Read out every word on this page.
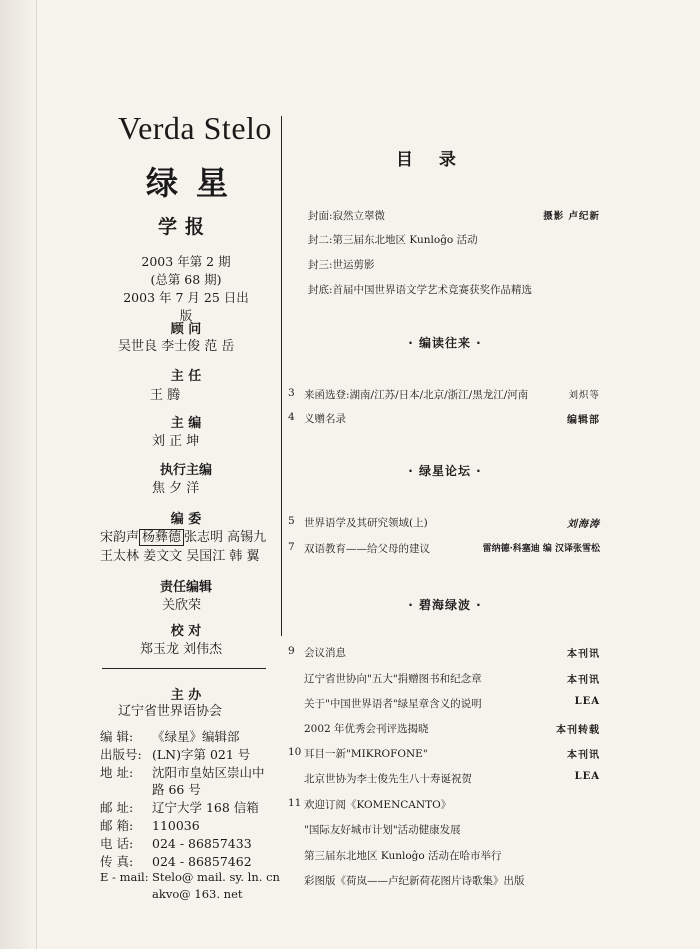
Verda Stelo
绿星
学报
2003 年第 2 期
(总第 68 期)
2003 年 7 月 25 日出版
顾 问
吴世良 李士俊 范 岳
主 任
王 腾
主 编
刘 正 坤
执行主编
焦 夕 洋
编 委
宋韵声 杨彝德 张志明 高锡九
王太林 姜文文 吴国江 韩 翼
责任编辑
关欣荣
校 对
郑玉龙 刘伟杰
主 办
辽宁省世界语协会
编 辑: 《绿星》编辑部
出版号: (LN)字第 021 号
地 址: 沈阳市皇姑区崇山中
路 66 号
邮 址: 辽宁大学 168 信箱
邮 箱: 110036
电 话: 024 - 86857433
传 真: 024 - 86857462
E - mail: Stelo@ mail. sy. ln. cn
akvo@ 163. net
目 录
封面:寂然立翠微	摄影 卢纪新
封二:第三届东北地区 Kunloĝo 活动
封三:世运剪影
封底:首届中国世界语文学艺术竞赛获奖作品精选
· 编读往来 ·
3 来函选登:湖南/江苏/日本/北京/浙江/黑龙江/河南	刘炽等
4 义赠名录	编辑部
· 绿星论坛 ·
5 世界语学及其研究领域(上)	刘海涛
7 双语教育——给父母的建议	雷纳德·科塞迪 编 汉译张雪松
· 碧海绿波 ·
9 会议消息	本刊讯
辽宁省世协向"五大"捐赠图书和纪念章	本刊讯
关于"中国世界语者"绿星章含义的说明	LEA
2002 年优秀会刊评选揭晓	本刊转载
10 耳目一新"MIKROFONE"	本刊讯
北京世协为李士俊先生八十寿诞祝贺	LEA
11 欢迎订阅《KOMENCANTO》
"国际友好城市计划"活动健康发展
第三届东北地区 Kunloĝo 活动在哈市举行
彩图版《荷岚——卢纪新荷花图片诗歌集》出版
